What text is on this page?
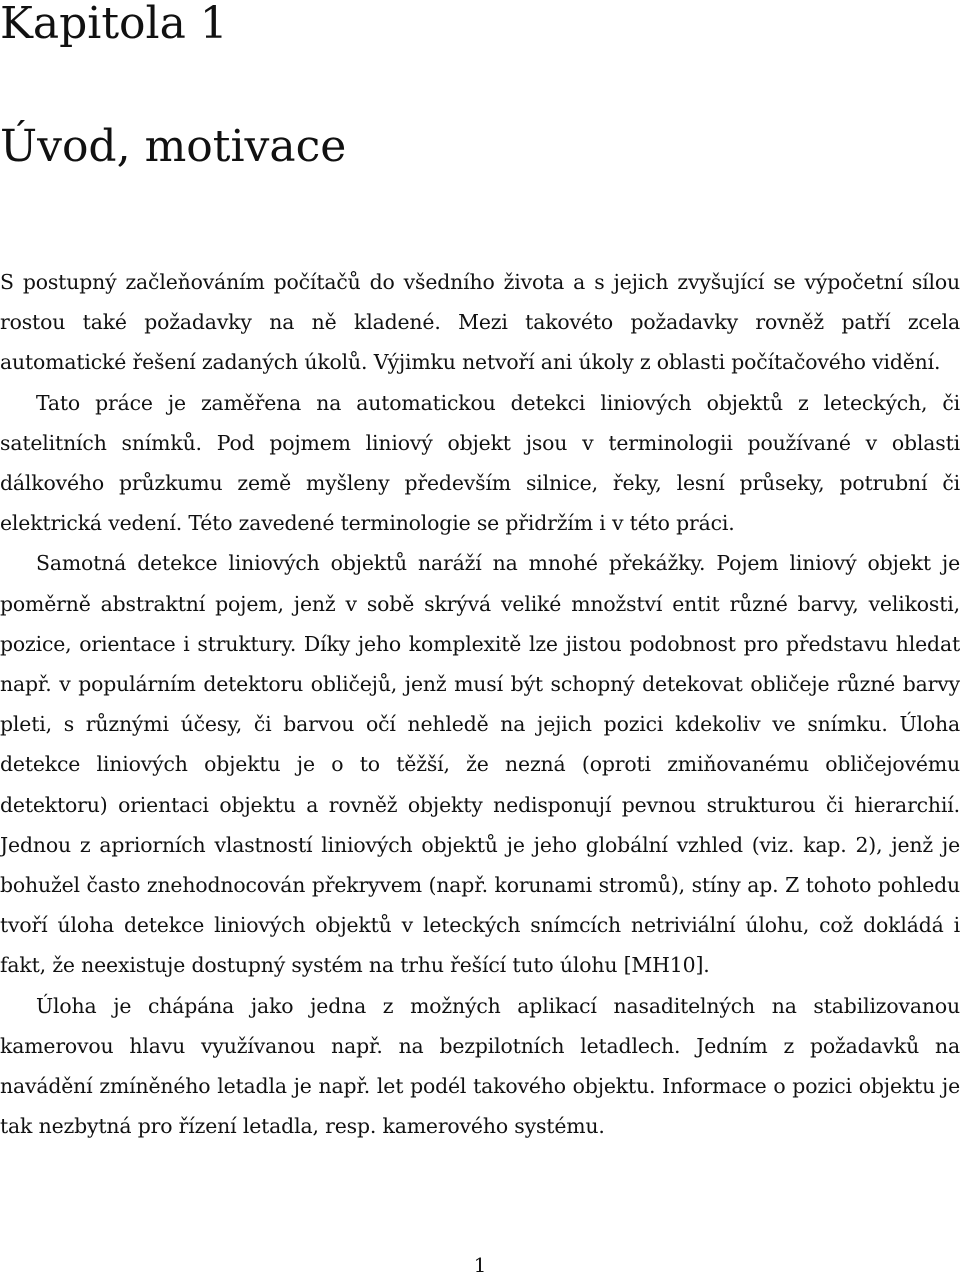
Kapitola 1
Úvod, motivace

S postupný začleňováním počítačů do všedního života a s jejich zvyšující se výpočetní sílou rostou také požadavky na ně kladené. Mezi takovéto požadavky rovněž patří zcela automatické řešení zadaných úkolů. Výjimku netvoří ani úkoly z oblasti počítačového vidění.

Tato práce je zaměřena na automatickou detekci liniových objektů z leteckých, či satelitních snímků. Pod pojmem liniový objekt jsou v terminologii používané v oblasti dálkového průzkumu země myšleny především silnice, řeky, lesní průseky, potrubní či elektrická vedení. Této zavedené terminologie se přidržím i v této práci.

Samotná detekce liniových objektů naráží na mnohé překážky. Pojem liniový objekt je poměrně abstraktní pojem, jenž v sobě skrývá veliké množství entit různé barvy, velikosti, pozice, orientace i struktury. Díky jeho komplexitě lze jistou podobnost pro představu hledat např. v populárním detektoru obličejů, jenž musí být schopný detekovat obličeje různé barvy pleti, s různými účesy, či barvou očí nehledě na jejich pozici kdekoliv ve snímku. Úloha detekce liniových objektu je o to těžší, že nezná (oproti zmiňovanému obličejovému detektoru) orientaci objektu a rovněž objekty nedisponují pevnou strukturou či hierarchií. Jednou z apriorních vlastností liniových objektů je jeho globální vzhled (viz. kap. 2), jenž je bohužel často znehodnocován překryvem (např. korunami stromů), stíny ap. Z tohoto pohledu tvoří úloha detekce liniových objektů v leteckých snímcích netriviální úlohu, což dokládá i fakt, že neexistuje dostupný systém na trhu řešící tuto úlohu [MH10].

Úloha je chápána jako jedna z možných aplikací nasaditelných na stabilizovanou kamerovou hlavu využívanou např. na bezpilotních letadlech. Jedním z požadavků na navádění zmíněného letadla je např. let podél takového objektu. Informace o pozici objektu je tak nezbytná pro řízení letadla, resp. kamerového systému.

1
